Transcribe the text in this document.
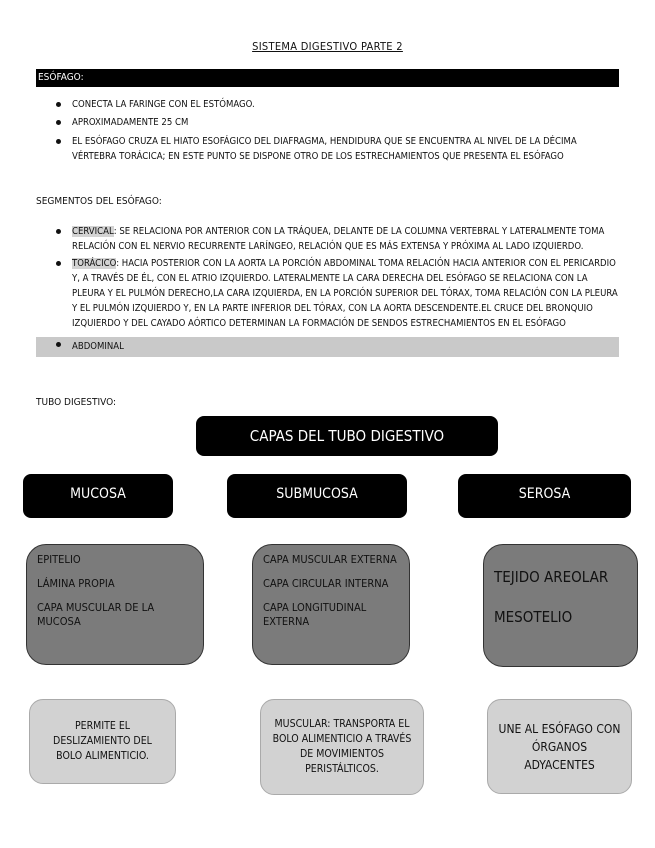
SISTEMA DIGESTIVO PARTE 2
ESÓFAGO:
CONECTA LA FARINGE CON EL ESTÓMAGO.
APROXIMADAMENTE 25 CM
EL ESÓFAGO CRUZA EL HIATO ESOFÁGICO DEL DIAFRAGMA, HENDIDURA QUE SE ENCUENTRA AL NIVEL DE LA DÉCIMA VÉRTEBRA TORÁCICA; EN ESTE PUNTO SE DISPONE OTRO DE LOS ESTRECHAMIENTOS QUE PRESENTA EL ESÓFAGO
SEGMENTOS DEL ESÓFAGO:
CERVICAL: SE RELACIONA POR ANTERIOR CON LA TRÁQUEA, DELANTE DE LA COLUMNA VERTEBRAL Y LATERALMENTE TOMA RELACIÓN CON EL NERVIO RECURRENTE LARÍNGEO, RELACIÓN QUE ES MÁS EXTENSA Y PRÓXIMA AL LADO IZQUIERDO.
TORÁCICO: HACIA POSTERIOR CON LA AORTA LA PORCIÓN ABDOMINAL TOMA RELACIÓN HACIA ANTERIOR CON EL PERICARDIO Y, A TRAVÉS DE ÉL, CON EL ATRIO IZQUIERDO. LATERALMENTE LA CARA DERECHA DEL ESÓFAGO SE RELACIONA CON LA PLEURA Y EL PULMÓN DERECHO,LA CARA IZQUIERDA, EN LA PORCIÓN SUPERIOR DEL TÓRAX, TOMA RELACIÓN CON LA PLEURA Y EL PULMÓN IZQUIERDO Y, EN LA PARTE INFERIOR DEL TÓRAX, CON LA AORTA DESCENDENTE.EL CRUCE DEL BRONQUIO IZQUIERDO Y DEL CAYADO AÓRTICO DETERMINAN LA FORMACIÓN DE SENDOS ESTRECHAMIENTOS EN EL ESÓFAGO
ABDOMINAL
TUBO DIGESTIVO:
CAPAS DEL TUBO DIGESTIVO
MUCOSA	SUBMUCOSA	SEROSA
EPITELIO
LÁMINA PROPIA
CAPA MUSCULAR DE LA MUCOSA
CAPA MUSCULAR EXTERNA
CAPA CIRCULAR INTERNA
CAPA LONGITUDINAL EXTERNA
TEJIDO AREOLAR
MESOTELIO
PERMITE EL DESLIZAMIENTO DEL BOLO ALIMENTICIO.
MUSCULAR: TRANSPORTA EL BOLO ALIMENTICIO A TRAVÉS DE MOVIMIENTOS PERISTÁLTICOS.
UNE AL ESÓFAGO CON ÓRGANOS ADYACENTES
